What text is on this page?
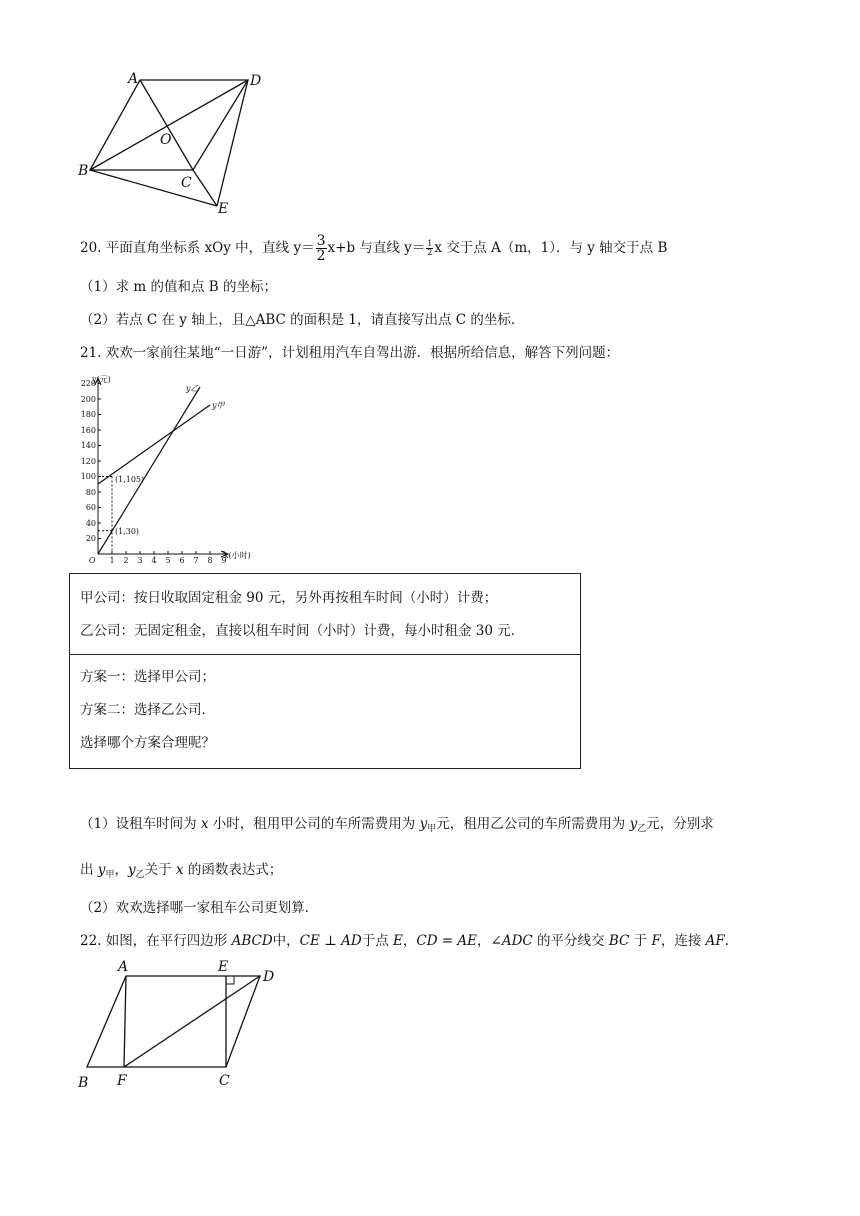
A	D
O
B
C
E
20. 平面直角坐标系 xOy 中，直线 $y= \frac{3}{2} x+b$ 与直线 $y= \frac{1}{2}$ x 交于点 A（m，1）．与 y 轴交于点 B
（1）求 m 的值和点 B 的坐标；
（2）若点 C 在 y 轴上，且△ABC 的面积是 1，请直接写出点 C 的坐标．
21. 欢欢一家前往某地“一日游”，计划租用汽车自驾出游．根据所给信息，解答下列问题：
y(元)
x(小时)
O
20
40
60
80
100
120
140
160
180
200
220
1 2 3 4 5 6 7 8 9
y乙
y甲
(1,105)
(1,30)
甲公司：按日收取固定租金 90 元，另外再按租车时间（小时）计费；
乙公司：无固定租金，直接以租车时间（小时）计费，每小时租金 30 元．
方案一：选择甲公司；
方案二：选择乙公司．
选择哪个方案合理呢？
（1）设租车时间为 x 小时，租用甲公司的车所需费用为 $y_甲$元，租用乙公司的车所需费用为 $y_乙$元，分别求
出 $y_甲$，$y_乙$关于 x 的函数表达式；
（2）欢欢选择哪一家租车公司更划算．
22. 如图，在平行四边形 ABCD中，CE ⊥ AD于点 E，CD = AE，∠ADC 的平分线交 BC 于 F，连接 AF．
A	E
D
B F	C
